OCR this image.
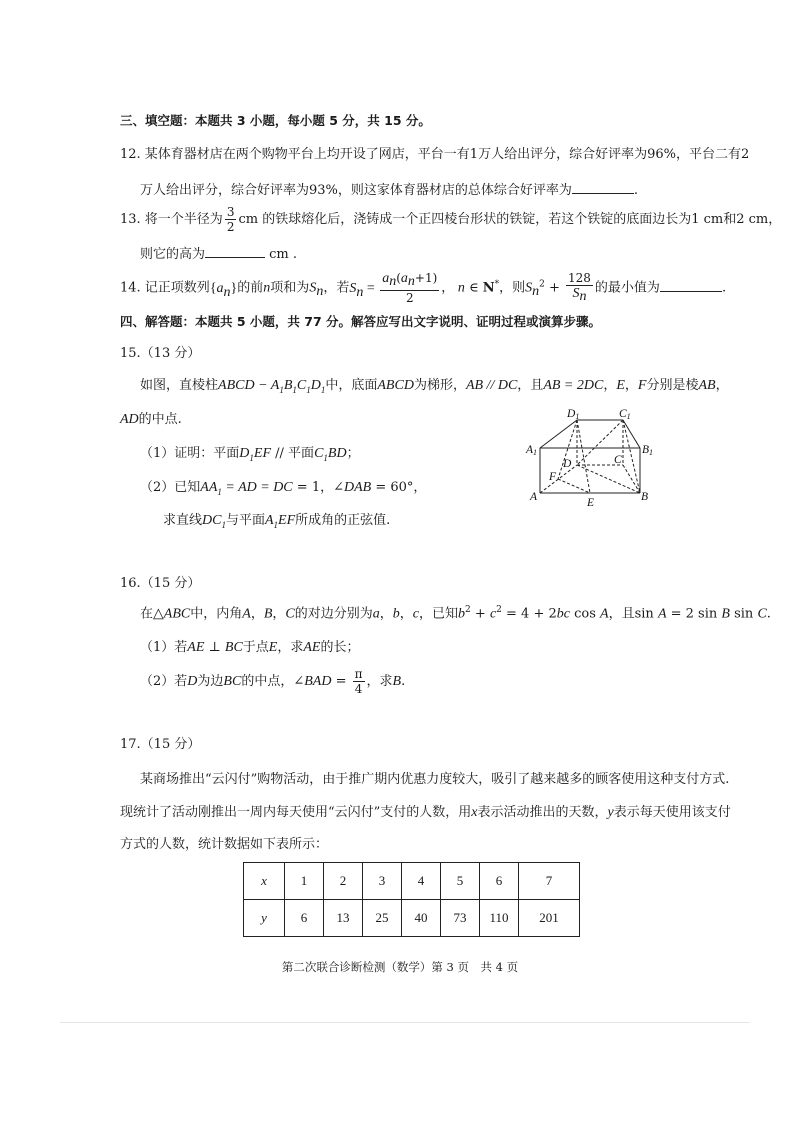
三、填空题：本题共 3 小题，每小题 5 分，共 15 分。
12. 某体育器材店在两个购物平台上均开设了网店，平台一有1万人给出评分，综合好评率为96%，平台二有2
万人给出评分，综合好评率为93%，则这家体育器材店的总体综合好评率为	.
13. 将一个半径为 $\frac{3}{2}$ cm 的铁球熔化后，浇铸成一个正四棱台形状的铁锭，若这个铁锭的底面边长为1 cm和2 cm，
则它的高为	cm .
14. 记正项数列$\{a_n\}$的前n项和为$S_n$，若$S_n = \frac{a_n(a_n+1)}{2}$ ， n ∈ N*，则$S_n^2 + \frac{128}{S_n}$ 的最小值为	.
四、解答题：本题共 5 小题，共 77 分。解答应写出文字说明、证明过程或演算步骤。
15.（13 分）
如图，直棱柱ABCD − $A_1B_1C_1D_1$中，底面ABCD为梯形，AB // DC，且AB = 2DC，E，F分别是棱AB，
AD的中点.
（1）证明：平面$D_1EF$ // 平面$C_1BD$；
（2）已知$AA_1$ = AD = DC = 1，∠DAB = 60°，
求直线$DC_1$与平面$A_1EF$所成角的正弦值.
D1	C1
A1	B1
D	C
F
A	B
E
16.（15 分）
在△ABC中，内角A，B，C的对边分别为a，b，c，已知$b^2 + c^2 = 4 + 2bc$ cos A，且sin A = 2 sin B sin C.
（1）若AE ⊥ BC于点E，求AE的长；
（2）若D为边BC的中点，∠BAD = $\frac{\pi}{4}$ ，求B.
17.（15 分）
某商场推出“云闪付”购物活动，由于推广期内优惠力度较大，吸引了越来越多的顾客使用这种支付方式.
现统计了活动刚推出一周内每天使用“云闪付”支付的人数，用x表示活动推出的天数，y表示每天使用该支付
方式的人数，统计数据如下表所示：
x	1	2	3	4	5	6	7
y	6	13	25	40	73	110	201
第二次联合诊断检测（数学）第 3 页　共 4 页
